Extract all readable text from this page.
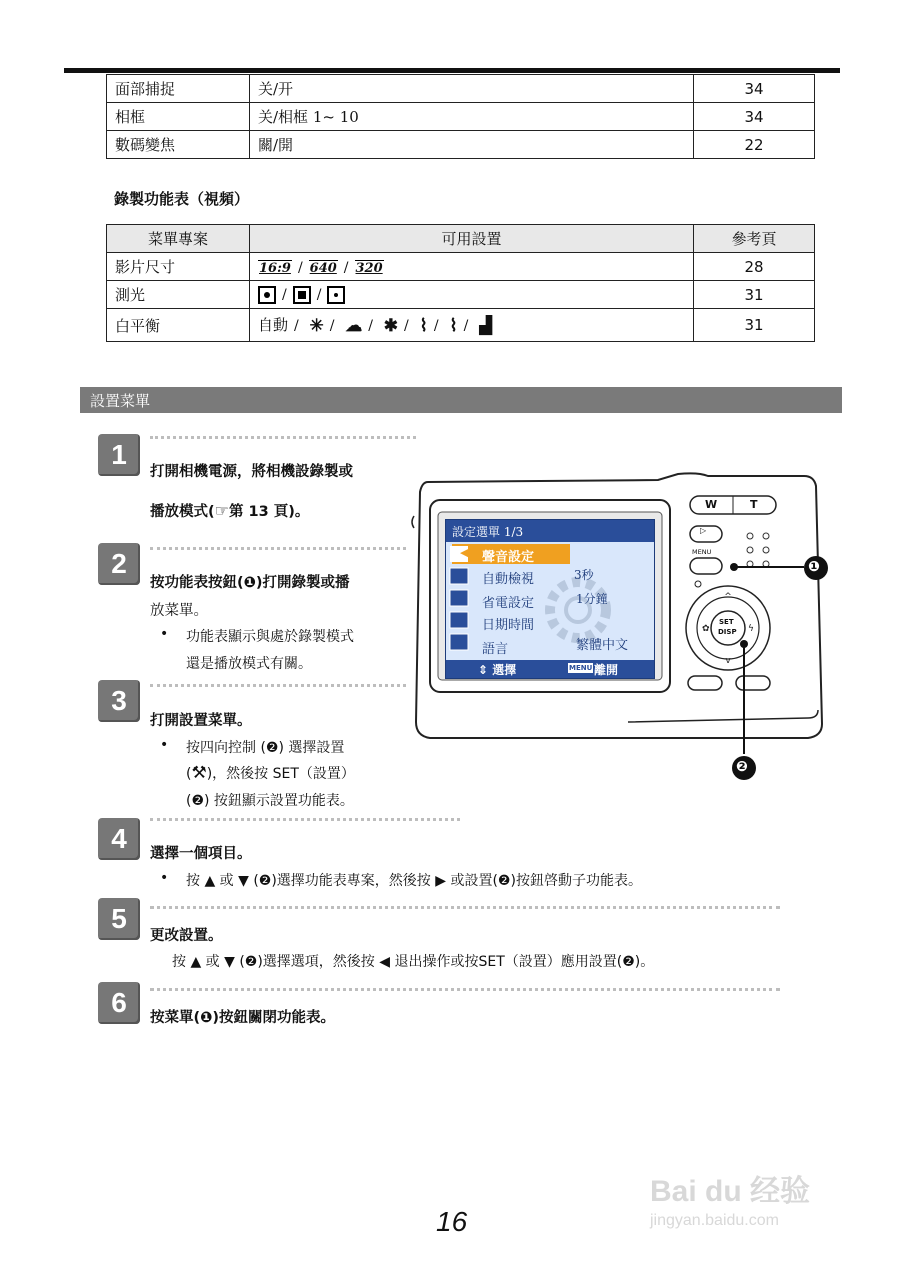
面部捕捉	关/开	34
相框	关/相框 1~ 10	34
數碼變焦	關/開	22
錄製功能表（視頻）
菜單專案	可用設置	參考頁
影片尺寸	16:9 / 640 / 320	28
測光	/ /	31
白平衡	自動 / ✳ / ☁ / ✱ / ⌇ / ⌇ / ▟	31
設置菜單
1
打開相機電源，將相機設錄製或
播放模式(☞第 13 頁)。
2
按功能表按鈕(❶)打開錄製或播
放菜單。
• 功能表顯示與處於錄製模式
還是播放模式有關。
3
打開設置菜單。
• 按四向控制 (❷) 選擇設置
(⚒)，然後按 SET（設置）
(❷) 按鈕顯示設置功能表。
4	選擇一個項目。
• 按 ▲ 或 ▼ (❷)選擇功能表專案，然後按 ▶ 或設置(❷)按鈕啓動子功能表。
5
更改設置。
按 ▲ 或 ▼ (❷)選擇選項，然後按 ◀ 退出操作或按SET（設置）應用設置(❷)。
6	按菜單(❶)按鈕關閉功能表。
^
v
✿	ϟ
設定選單 1/3
◀) 聲音設定
自動檢視	3秒
省電設定	1分鐘
日期時間
語言	繁體中文
⇕ 選擇	MENU 離開
W	T
▷
MENU
SET
DISP
❶
❷
16
Bai du 经验
jingyan.baidu.com
